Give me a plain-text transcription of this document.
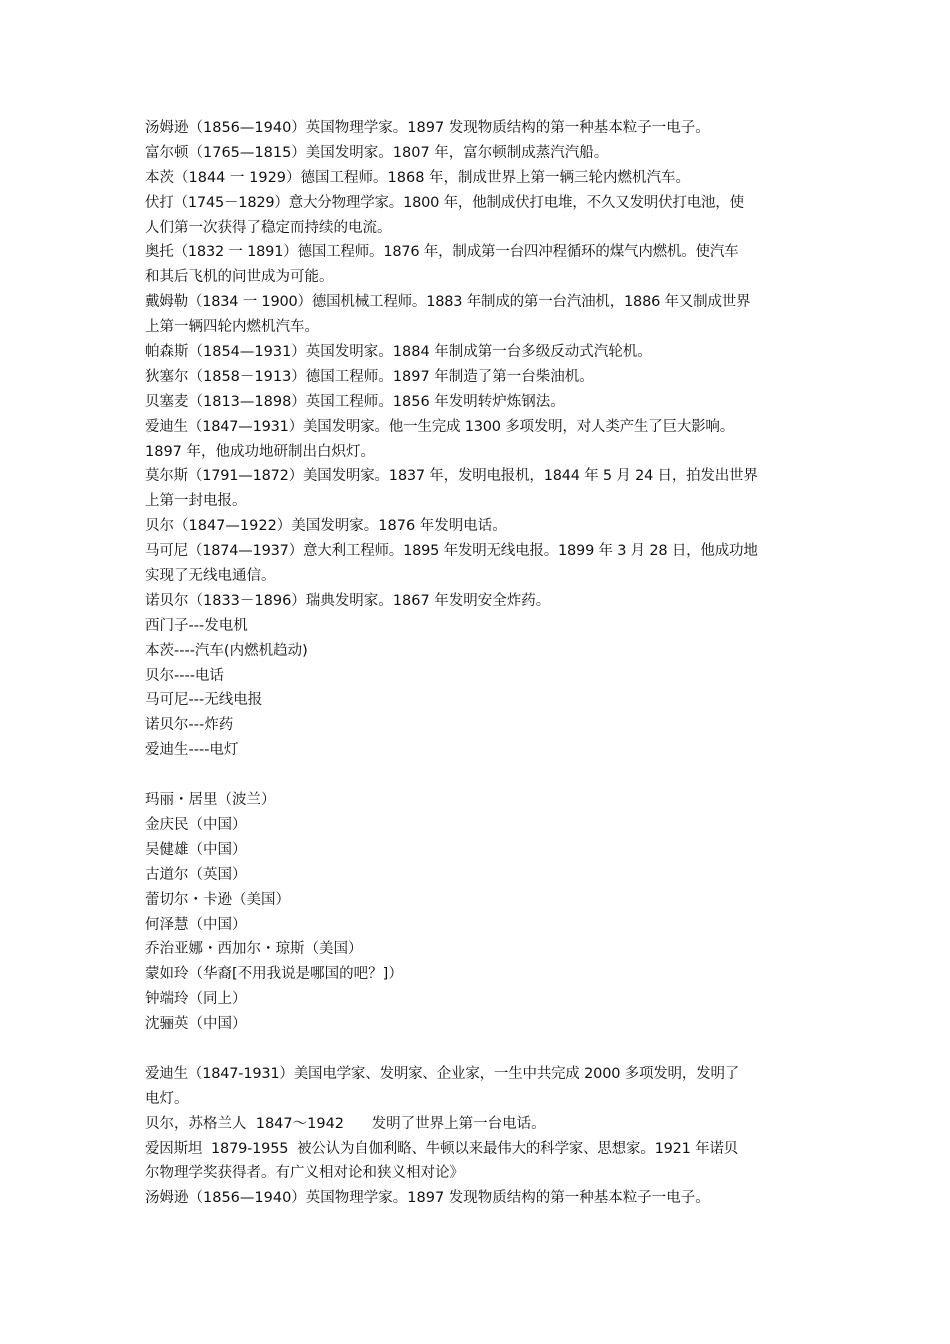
汤姆逊（1856—1940）英国物理学家。1897 发现物质结构的第一种基本粒子一电子。
富尔顿（1765—1815）美国发明家。1807 年，富尔顿制成蒸汽汽船。
本茨（1844 一 1929）德国工程师。1868 年，制成世界上第一辆三轮内燃机汽车。
伏打（1745－1829）意大分物理学家。1800 年，他制成伏打电堆，不久又发明伏打电池，使
人们第一次获得了稳定而持续的电流。
奥托（1832 一 1891）德国工程师。1876 年，制成第一台四冲程循环的煤气内燃机。使汽车
和其后飞机的问世成为可能。
戴姆勒（1834 一 1900）德国机械工程师。1883 年制成的第一台汽油机，1886 年又制成世界
上第一辆四轮内燃机汽车。
帕森斯（1854—1931）英国发明家。1884 年制成第一台多级反动式汽轮机。
狄塞尔（1858－1913）德国工程师。1897 年制造了第一台柴油机。
贝塞麦（1813—1898）英国工程师。1856 年发明转炉炼钢法。
爱迪生（1847—1931）美国发明家。他一生完成 1300 多项发明，对人类产生了巨大影响。
1897 年，他成功地研制出白炽灯。
莫尔斯（1791—1872）美国发明家。1837 年，发明电报机，1844 年 5 月 24 日，拍发出世界
上第一封电报。
贝尔（1847—1922）美国发明家。1876 年发明电话。
马可尼（1874—1937）意大利工程师。1895 年发明无线电报。1899 年 3 月 28 日，他成功地
实现了无线电通信。
诺贝尔（1833－1896）瑞典发明家。1867 年发明安全炸药。
西门子---发电机
本茨----汽车(内燃机趋动)
贝尔----电话
马可尼---无线电报
诺贝尔---炸药
爱迪生----电灯
玛丽・居里（波兰）
金庆民（中国）
吴健雄（中国）
古道尔（英国）
蕾切尔・卡逊（美国）
何泽慧（中国）
乔治亚娜・西加尔・琼斯（美国）
蒙如玲（华裔[不用我说是哪国的吧？]）
钟端玲（同上）
沈骊英（中国）
爱迪生（1847-1931）美国电学家、发明家、企业家，一生中共完成 2000 多项发明，发明了
电灯。
贝尔，苏格兰人  1847～1942      发明了世界上第一台电话。
爱因斯坦  1879-1955  被公认为自伽利略、牛顿以来最伟大的科学家、思想家。1921 年诺贝
尔物理学奖获得者。有广义相对论和狭义相对论》
汤姆逊（1856—1940）英国物理学家。1897 发现物质结构的第一种基本粒子一电子。
